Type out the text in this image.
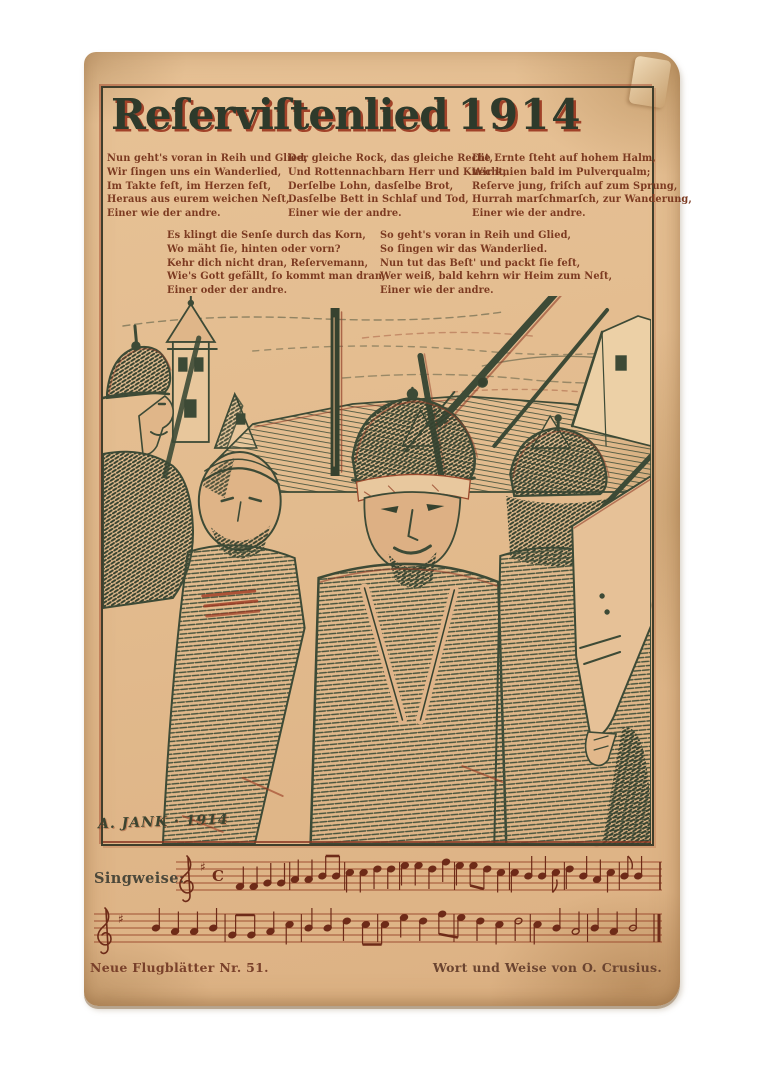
Reſerviſtenlied 1914
Nun geht's voran in Reih und Glied,
Wir ſingen uns ein Wanderlied,
Im Takte feſt, im Herzen feſt,
Heraus aus eurem weichen Neſt,
Einer wie der andre.
Der gleiche Rock, das gleiche Recht,
Und Rottennachbarn Herr und Knecht,
Derſelbe Lohn, dasſelbe Brot,
Dasſelbe Bett in Schlaf und Tod,
Einer wie der andre.
Die Ernte ſteht auf hohem Halm,
Wir knien bald im Pulverqualm;
Reſerve jung, friſch auf zum Sprung,
Hurrah marſchmarſch, zur Wanderung,
Einer wie der andre.
Es klingt die Senſe durch das Korn,
Wo mäht ſie, hinten oder vorn?
Kehr dich nicht dran, Reſervemann,
Wie's Gott gefällt, ſo kommt man dran,
Einer oder der andre.
So geht's voran in Reih und Glied,
So ſingen wir das Wanderlied.
Nun tut das Beſt' und packt ſie feſt,
Wer weiß, bald kehrn wir Heim zum Neſt,
Einer wie der andre.
A. JANK · 1914
Singweise:
♯ C
♯
Neue Flugblätter Nr. 51.	Wort und Weise von O. Crusius.
